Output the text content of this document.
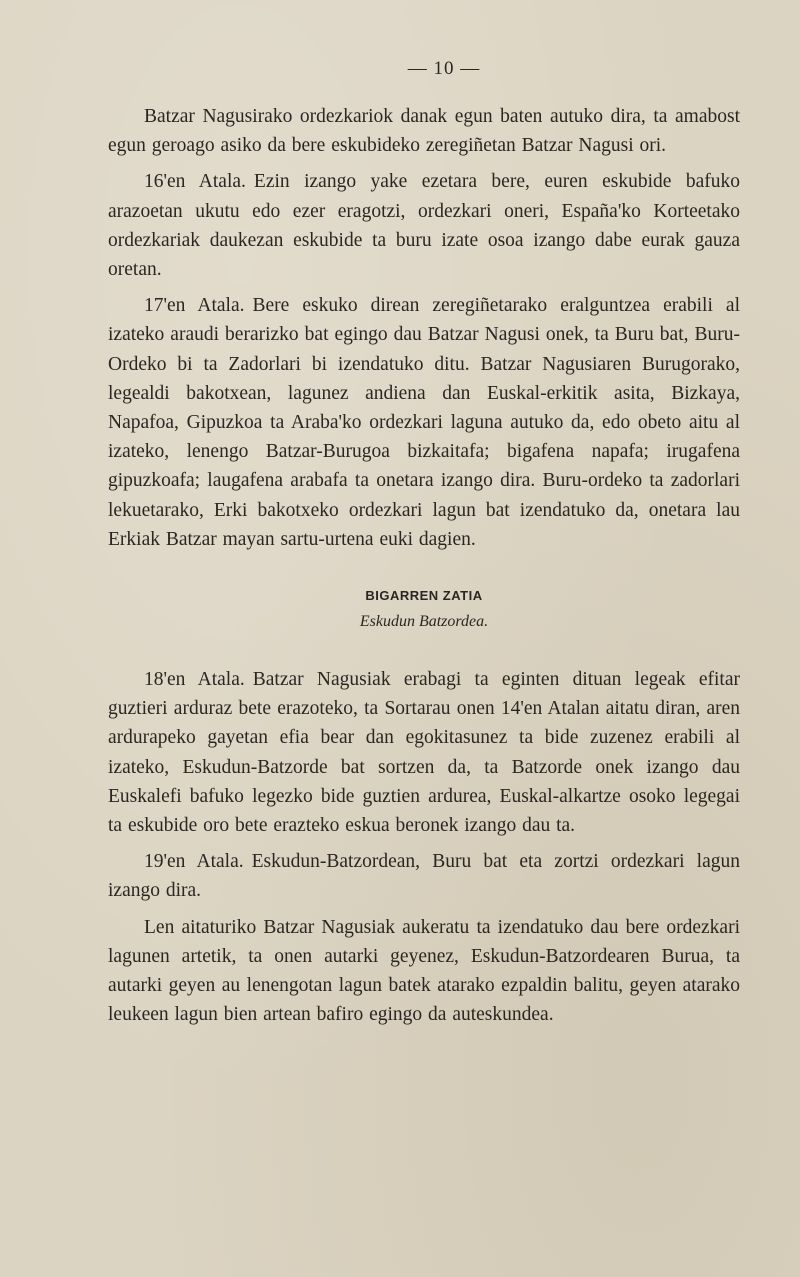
— 10 —

Batzar Nagusirako ordezkariok danak egun baten autuko dira, ta amabost egun geroago asiko da bere eskubideko zeregiñetan Batzar Nagusi ori.

16'en Atala. Ezin izango yake ezetara bere, euren eskubide bafuko arazoetan ukutu edo ezer eragotzi, ordezkari oneri, España'ko Korteetako ordezkariak daukezan eskubide ta buru izate osoa izango dabe eurak gauza oretan.

17'en Atala. Bere eskuko direan zeregiñetarako eralguntzea erabili al izateko araudi berarizko bat egingo dau Batzar Nagusi onek, ta Buru bat, Buru-Ordeko bi ta Zadorlari bi izendatuko ditu. Batzar Nagusiaren Burugorako, legealdi bakotxean, lagunez andiena dan Euskal-erkitik asita, Bizkaya, Napafoa, Gipuzkoa ta Araba'ko ordezkari laguna autuko da, edo obeto aitu al izateko, lenengo Batzar-Burugoa bizkaitafa; bigafena napafa; irugafena gipuzkoafa; laugafena arabafa ta onetara izango dira. Buru-ordeko ta zadorlari lekuetarako, Erki bakotxeko ordezkari lagun bat izendatuko da, onetara lau Erkiak Batzar mayan sartu-urtena euki dagien.

BIGARREN ZATIA
Eskudun Batzordea.

18'en Atala. Batzar Nagusiak erabagi ta eginten dituan legeak efitar guztieri arduraz bete erazoteko, ta Sortarau onen 14'en Atalan aitatu diran, aren ardurapeko gayetan efia bear dan egokitasunez ta bide zuzenez erabili al izateko, Eskudun-Batzorde bat sortzen da, ta Batzorde onek izango dau Euskalefi bafuko legezko bide guztien ardurea, Euskal-alkartze osoko legegai ta eskubide oro bete erazteko eskua beronek izango dau ta.

19'en Atala. Eskudun-Batzordean, Buru bat eta zortzi ordezkari lagun izango dira.

Len aitaturiko Batzar Nagusiak aukeratu ta izendatuko dau bere ordezkari lagunen artetik, ta onen autarki geyenez, Eskudun-Batzordearen Burua, ta autarki geyen au lenengotan lagun batek atarako ezpaldin balitu, geyen atarako leukeen lagun bien artean bafiro egingo da auteskundea.
